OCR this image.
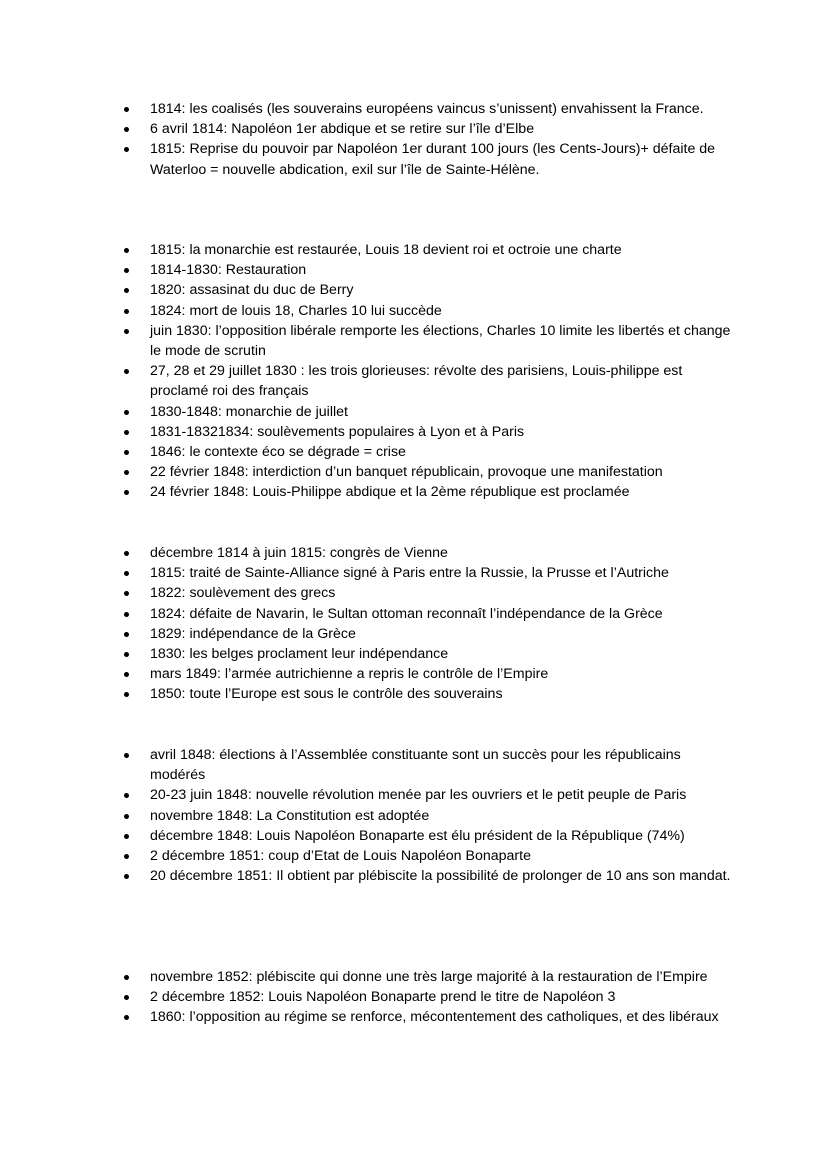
1814: les coalisés (les souverains européens vaincus s’unissent) envahissent la France.
6 avril 1814: Napoléon 1er abdique et se retire sur l’île d’Elbe
1815: Reprise du pouvoir par Napoléon 1er durant 100 jours (les Cents-Jours)+ défaite de Waterloo = nouvelle abdication, exil sur l’île de Sainte-Hélène.
1815: la monarchie est restaurée, Louis 18 devient roi et octroie une charte
1814-1830: Restauration
1820: assasinat du duc de Berry
1824: mort de louis 18, Charles 10 lui succède
juin 1830: l’opposition libérale remporte les élections, Charles 10 limite les libertés et change le mode de scrutin
27, 28 et 29 juillet 1830 : les trois glorieuses: révolte des parisiens, Louis-philippe est proclamé roi des français
1830-1848: monarchie de juillet
1831-18321834: soulèvements populaires à Lyon et à Paris
1846: le contexte éco se dégrade = crise
22 février 1848: interdiction d’un banquet républicain, provoque une manifestation
24 février 1848: Louis-Philippe abdique et la 2ème république est proclamée
décembre 1814 à juin 1815: congrès de Vienne
1815: traité de Sainte-Alliance signé à Paris entre la Russie, la Prusse et l’Autriche
1822: soulèvement des grecs
1824: défaite de Navarin, le Sultan ottoman reconnaît l’indépendance de la Grèce
1829: indépendance de la Grèce
1830: les belges proclament leur indépendance
mars 1849: l’armée autrichienne a repris le contrôle de l’Empire
1850: toute l’Europe est sous le contrôle des souverains
avril 1848: élections à l’Assemblée constituante sont un succès pour les républicains modérés
20-23 juin 1848: nouvelle révolution menée par les ouvriers et le petit peuple de Paris
novembre 1848: La Constitution est adoptée
décembre 1848: Louis Napoléon Bonaparte est élu président de la République (74%)
2 décembre 1851: coup d’Etat de Louis Napoléon Bonaparte
20 décembre 1851: Il obtient par plébiscite la possibilité de prolonger de 10 ans son mandat.
novembre 1852: plébiscite qui donne une très large majorité à la restauration de l’Empire
2 décembre 1852: Louis Napoléon Bonaparte prend le titre de Napoléon 3
1860: l’opposition au régime se renforce, mécontentement des catholiques, et des libéraux
